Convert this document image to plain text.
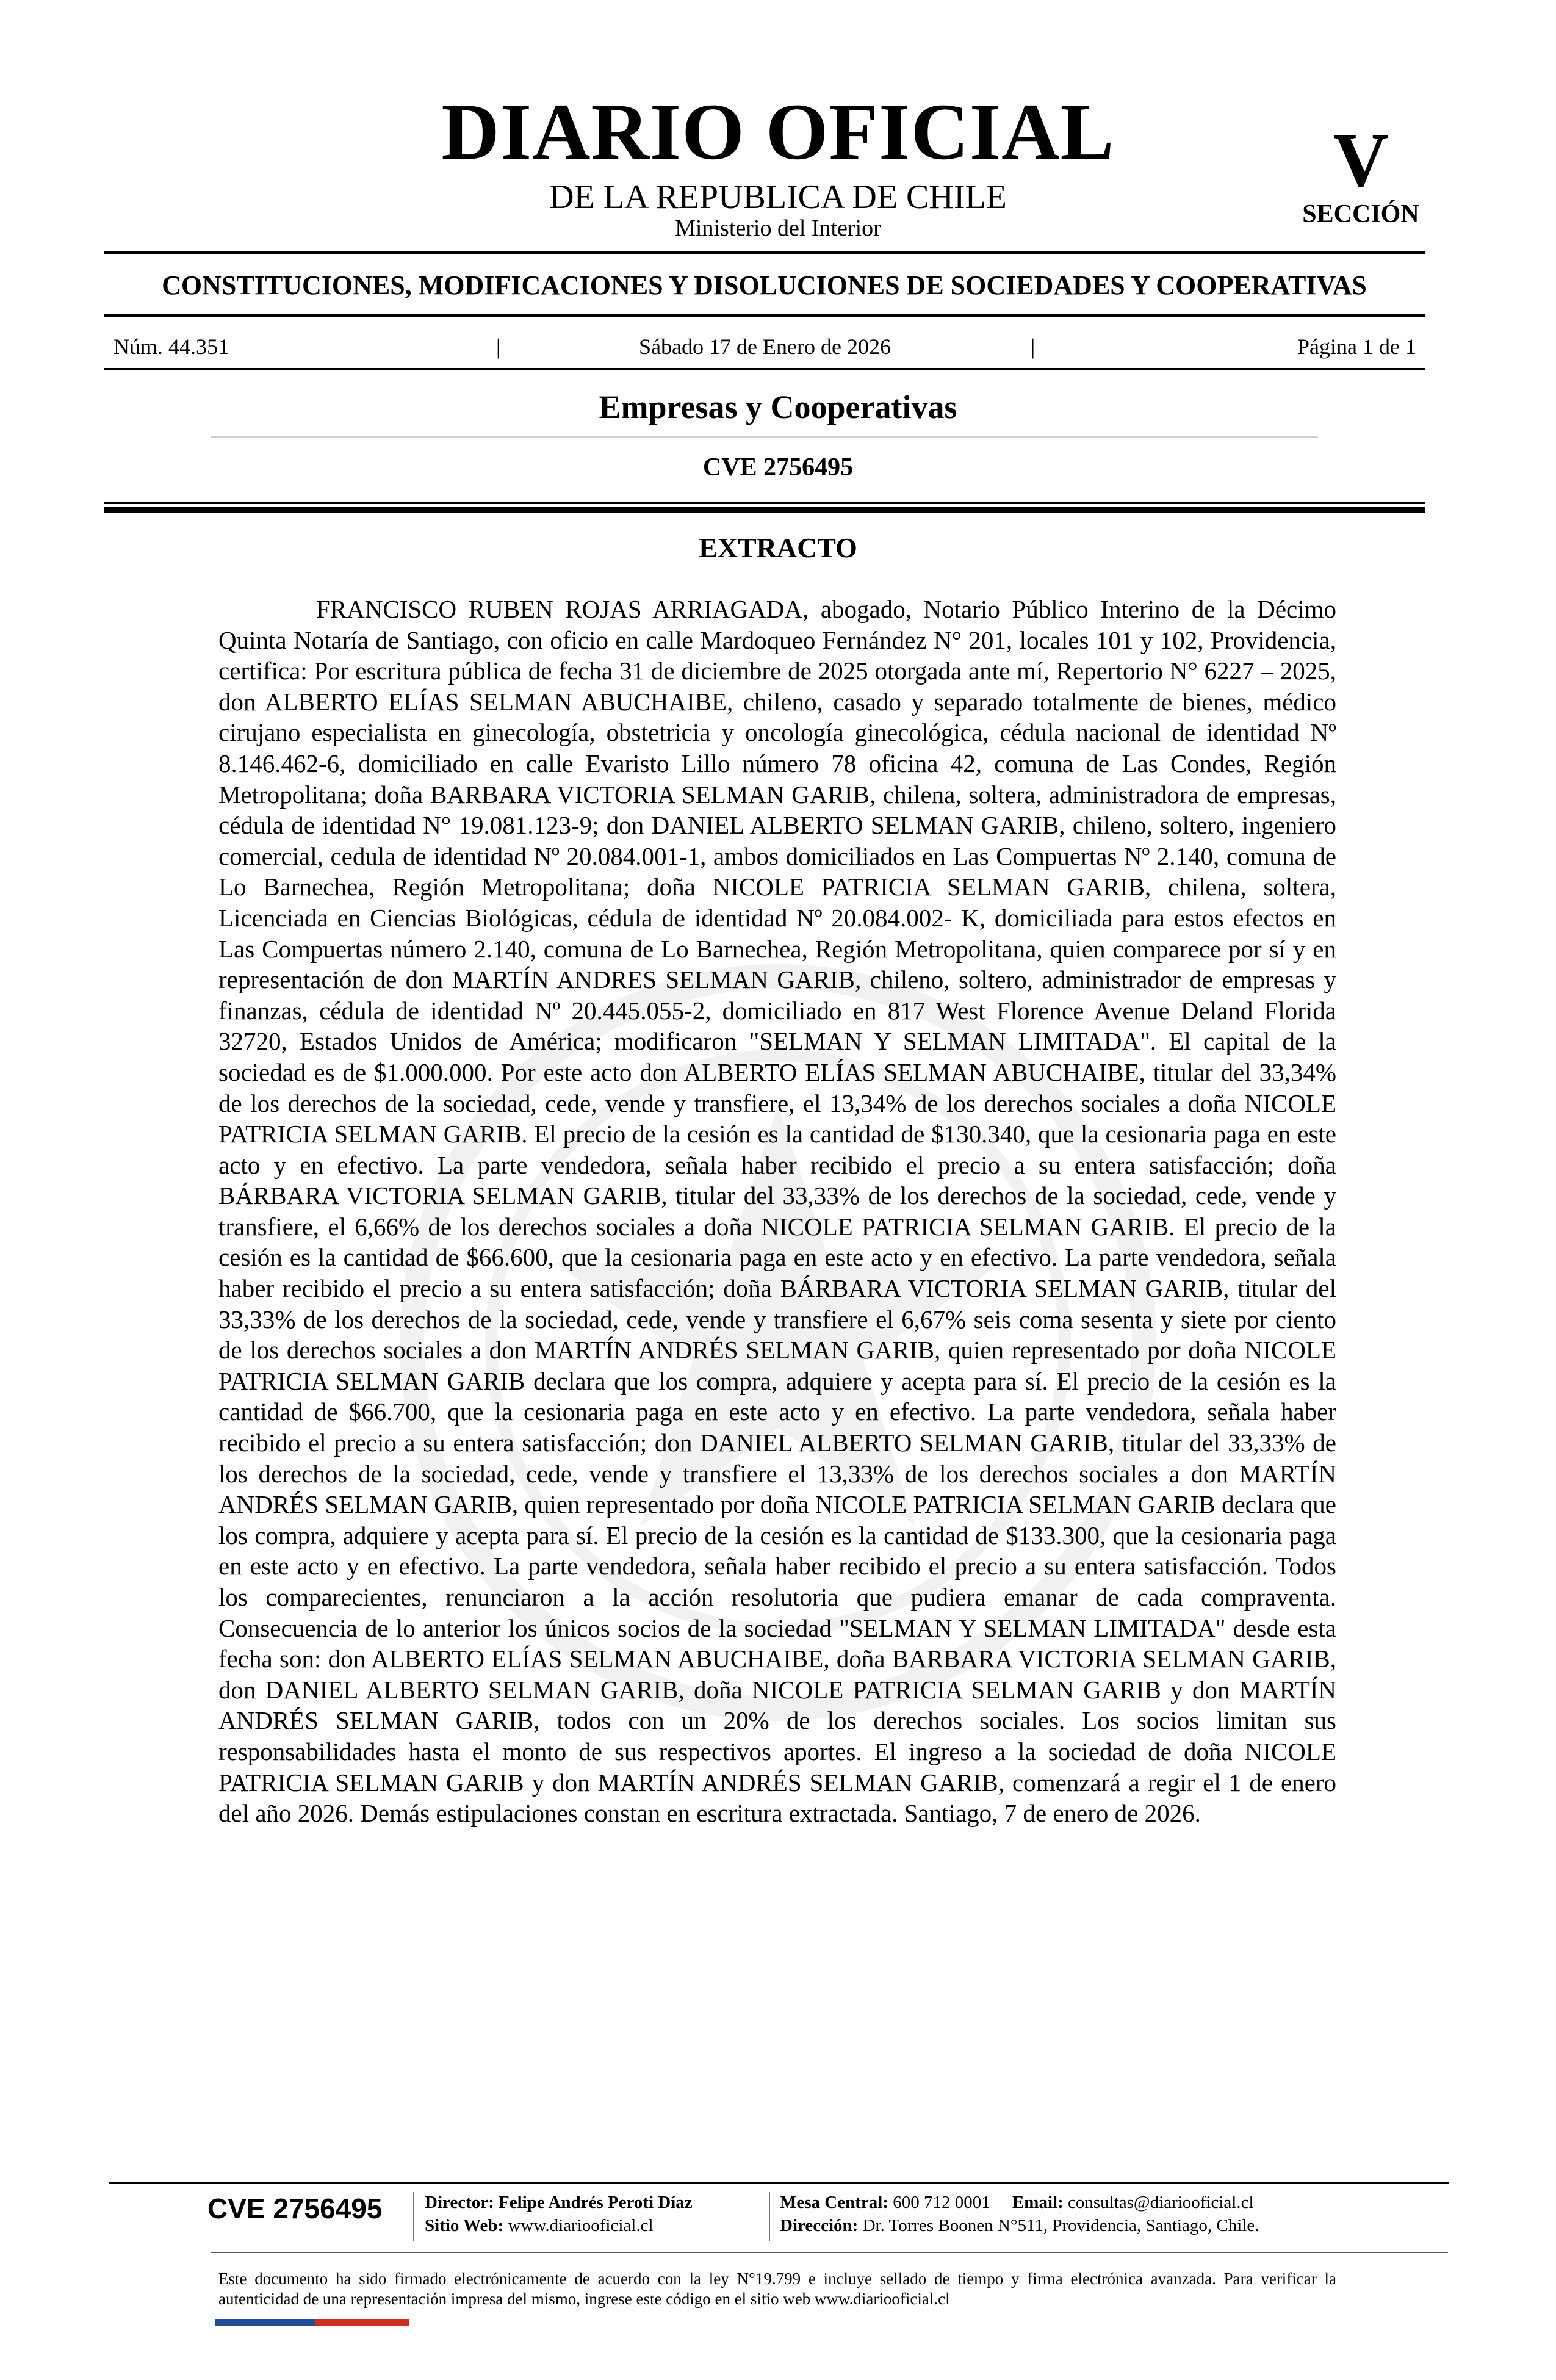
DIARIO OFICIAL
DE LA REPUBLICA DE CHILE
Ministerio del Interior
V
SECCIÓN
CONSTITUCIONES, MODIFICACIONES Y DISOLUCIONES DE SOCIEDADES Y COOPERATIVAS
Núm. 44.351	|	Sábado 17 de Enero de 2026	|	Página 1 de 1
Empresas y Cooperativas
CVE 2756495
EXTRACTO

FRANCISCO RUBEN ROJAS ARRIAGADA, abogado, Notario Público Interino de la Décimo Quinta Notaría de Santiago, con oficio en calle Mardoqueo Fernández N° 201, locales 101 y 102, Providencia, certifica: Por escritura pública de fecha 31 de diciembre de 2025 otorgada ante mí, Repertorio N° 6227 – 2025, don ALBERTO ELÍAS SELMAN ABUCHAIBE, chileno, casado y separado totalmente de bienes, médico cirujano especialista en ginecología, obstetricia y oncología ginecológica, cédula nacional de identidad Nº 8.146.462-6, domiciliado en calle Evaristo Lillo número 78 oficina 42, comuna de Las Condes, Región Metropolitana; doña BARBARA VICTORIA SELMAN GARIB, chilena, soltera, administradora de empresas, cédula de identidad N° 19.081.123-9; don DANIEL ALBERTO SELMAN GARIB, chileno, soltero, ingeniero comercial, cedula de identidad Nº 20.084.001-1, ambos domiciliados en Las Compuertas Nº 2.140, comuna de Lo Barnechea, Región Metropolitana; doña NICOLE PATRICIA SELMAN GARIB, chilena, soltera, Licenciada en Ciencias Biológicas, cédula de identidad Nº 20.084.002- K, domiciliada para estos efectos en Las Compuertas número 2.140, comuna de Lo Barnechea, Región Metropolitana, quien comparece por sí y en representación de don MARTÍN ANDRES SELMAN GARIB, chileno, soltero, administrador de empresas y finanzas, cédula de identidad Nº 20.445.055-2, domiciliado en 817 West Florence Avenue Deland Florida 32720, Estados Unidos de América; modificaron "SELMAN Y SELMAN LIMITADA". El capital de la sociedad es de $1.000.000. Por este acto don ALBERTO ELÍAS SELMAN ABUCHAIBE, titular del 33,34% de los derechos de la sociedad, cede, vende y transfiere, el 13,34% de los derechos sociales a doña NICOLE PATRICIA SELMAN GARIB. El precio de la cesión es la cantidad de $130.340, que la cesionaria paga en este acto y en efectivo. La parte vendedora, señala haber recibido el precio a su entera satisfacción; doña BÁRBARA VICTORIA SELMAN GARIB, titular del 33,33% de los derechos de la sociedad, cede, vende y transfiere, el 6,66% de los derechos sociales a doña NICOLE PATRICIA SELMAN GARIB. El precio de la cesión es la cantidad de $66.600, que la cesionaria paga en este acto y en efectivo. La parte vendedora, señala haber recibido el precio a su entera satisfacción; doña BÁRBARA VICTORIA SELMAN GARIB, titular del 33,33% de los derechos de la sociedad, cede, vende y transfiere el 6,67% seis coma sesenta y siete por ciento de los derechos sociales a don MARTÍN ANDRÉS SELMAN GARIB, quien representado por doña NICOLE PATRICIA SELMAN GARIB declara que los compra, adquiere y acepta para sí. El precio de la cesión es la cantidad de $66.700, que la cesionaria paga en este acto y en efectivo. La parte vendedora, señala haber recibido el precio a su entera satisfacción; don DANIEL ALBERTO SELMAN GARIB, titular del 33,33% de los derechos de la sociedad, cede, vende y transfiere el 13,33% de los derechos sociales a don MARTÍN ANDRÉS SELMAN GARIB, quien representado por doña NICOLE PATRICIA SELMAN GARIB declara que los compra, adquiere y acepta para sí. El precio de la cesión es la cantidad de $133.300, que la cesionaria paga en este acto y en efectivo. La parte vendedora, señala haber recibido el precio a su entera satisfacción. Todos los comparecientes, renunciaron a la acción resolutoria que pudiera emanar de cada compraventa. Consecuencia de lo anterior los únicos socios de la sociedad "SELMAN Y SELMAN LIMITADA" desde esta fecha son: don ALBERTO ELÍAS SELMAN ABUCHAIBE, doña BARBARA VICTORIA SELMAN GARIB, don DANIEL ALBERTO SELMAN GARIB, doña NICOLE PATRICIA SELMAN GARIB y don MARTÍN ANDRÉS SELMAN GARIB, todos con un 20% de los derechos sociales. Los socios limitan sus responsabilidades hasta el monto de sus respectivos aportes. El ingreso a la sociedad de doña NICOLE PATRICIA SELMAN GARIB y don MARTÍN ANDRÉS SELMAN GARIB, comenzará a regir el 1 de enero del año 2026. Demás estipulaciones constan en escritura extractada. Santiago, 7 de enero de 2026.

CVE 2756495 Director: Felipe Andrés Peroti Díaz
Sitio Web: www.diariooficial.cl
Mesa Central: 600 712 0001 Email: consultas@diariooficial.cl
Dirección: Dr. Torres Boonen N°511, Providencia, Santiago, Chile.

Este documento ha sido firmado electrónicamente de acuerdo con la ley N°19.799 e incluye sellado de tiempo y firma electrónica avanzada. Para verificar la autenticidad de una representación impresa del mismo, ingrese este código en el sitio web www.diariooficial.cl
